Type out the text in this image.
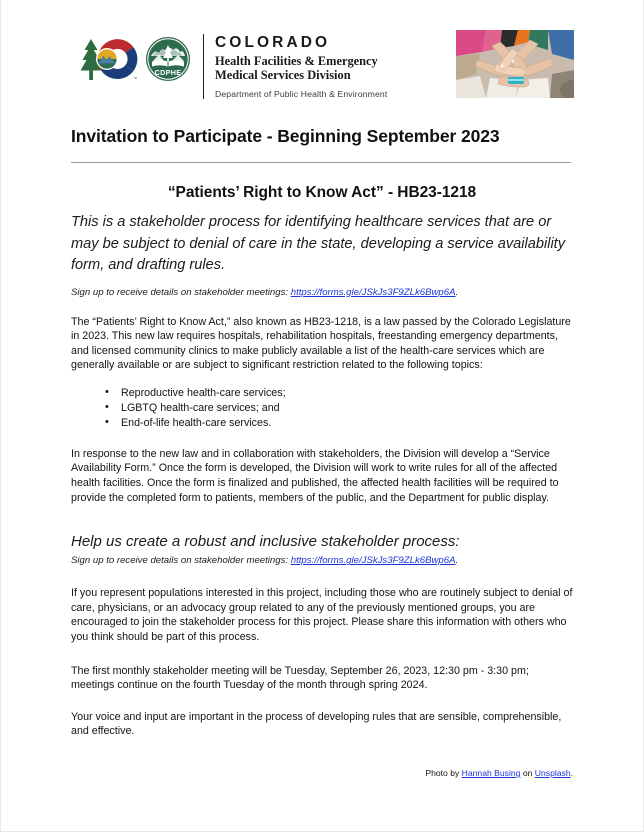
™
CDPHE
COLORADO
Health Facilities & Emergency
Medical Services Division
Department of Public Health & Environment
Invitation to Participate - Beginning September 2023
“Patients’ Right to Know Act” - HB23-1218

This is a stakeholder process for identifying healthcare services that are or may be subject to denial of care in the state, developing a service availability form, and drafting rules.

Sign up to receive details on stakeholder meetings: https://forms.gle/JSkJs3F9ZLk6Bwp6A.

The “Patients’ Right to Know Act,” also known as HB23-1218, is a law passed by the Colorado Legislature in 2023. This new law requires hospitals, rehabilitation hospitals, freestanding emergency departments, and licensed community clinics to make publicly available a list of the health-care services which are generally available or are subject to significant restriction related to the following topics:

• Reproductive health-care services;
• LGBTQ health-care services; and
• End-of-life health-care services.

In response to the new law and in collaboration with stakeholders, the Division will develop a “Service Availability Form.” Once the form is developed, the Division will work to write rules for all of the affected health facilities. Once the form is finalized and published, the affected health facilities will be required to provide the completed form to patients, members of the public, and the Department for public display.

Help us create a robust and inclusive stakeholder process:

Sign up to receive details on stakeholder meetings: https://forms.gle/JSkJs3F9ZLk6Bwp6A.

If you represent populations interested in this project, including those who are routinely subject to denial of care, physicians, or an advocacy group related to any of the previously mentioned groups, you are encouraged to join the stakeholder process for this project. Please share this information with others who you think should be part of this process.

The first monthly stakeholder meeting will be Tuesday, September 26, 2023, 12:30 pm - 3:30 pm; meetings continue on the fourth Tuesday of the month through spring 2024.

Your voice and input are important in the process of developing rules that are sensible, comprehensible, and effective.

Photo by Hannah Busing on Unsplash.
